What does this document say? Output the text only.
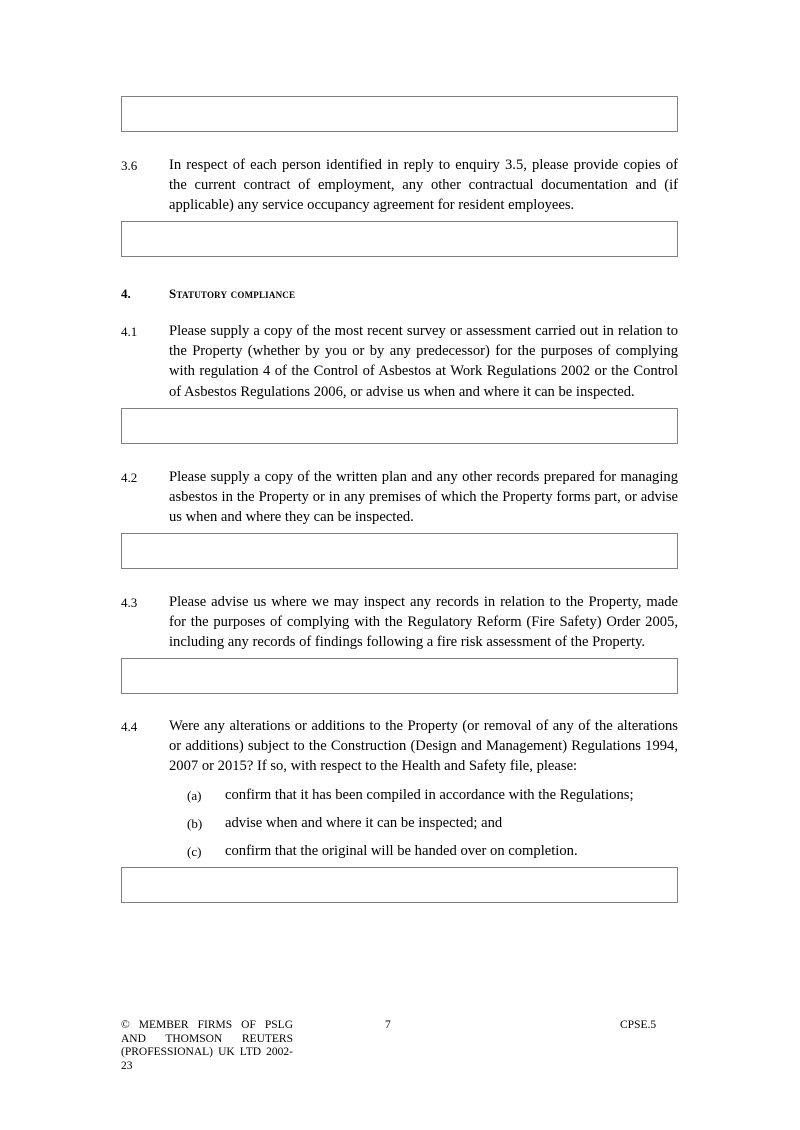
3.6 In respect of each person identified in reply to enquiry 3.5, please provide copies of the current contract of employment, any other contractual documentation and (if applicable) any service occupancy agreement for resident employees.
4.	Statutory compliance
4.1 Please supply a copy of the most recent survey or assessment carried out in relation to the Property (whether by you or by any predecessor) for the purposes of complying with regulation 4 of the Control of Asbestos at Work Regulations 2002 or the Control of Asbestos Regulations 2006, or advise us when and where it can be inspected.
4.2 Please supply a copy of the written plan and any other records prepared for managing asbestos in the Property or in any premises of which the Property forms part, or advise us when and where they can be inspected.
4.3 Please advise us where we may inspect any records in relation to the Property, made for the purposes of complying with the Regulatory Reform (Fire Safety) Order 2005, including any records of findings following a fire risk assessment of the Property.
4.4 Were any alterations or additions to the Property (or removal of any of the alterations or additions) subject to the Construction (Design and Management) Regulations 1994, 2007 or 2015? If so, with respect to the Health and Safety file, please:
(a) confirm that it has been compiled in accordance with the Regulations;
(b) advise when and where it can be inspected; and
(c) confirm that the original will be handed over on completion.
© MEMBER FIRMS OF PSLG AND THOMSON REUTERS (PROFESSIONAL) UK LTD 2002-23
7	CPSE.5
